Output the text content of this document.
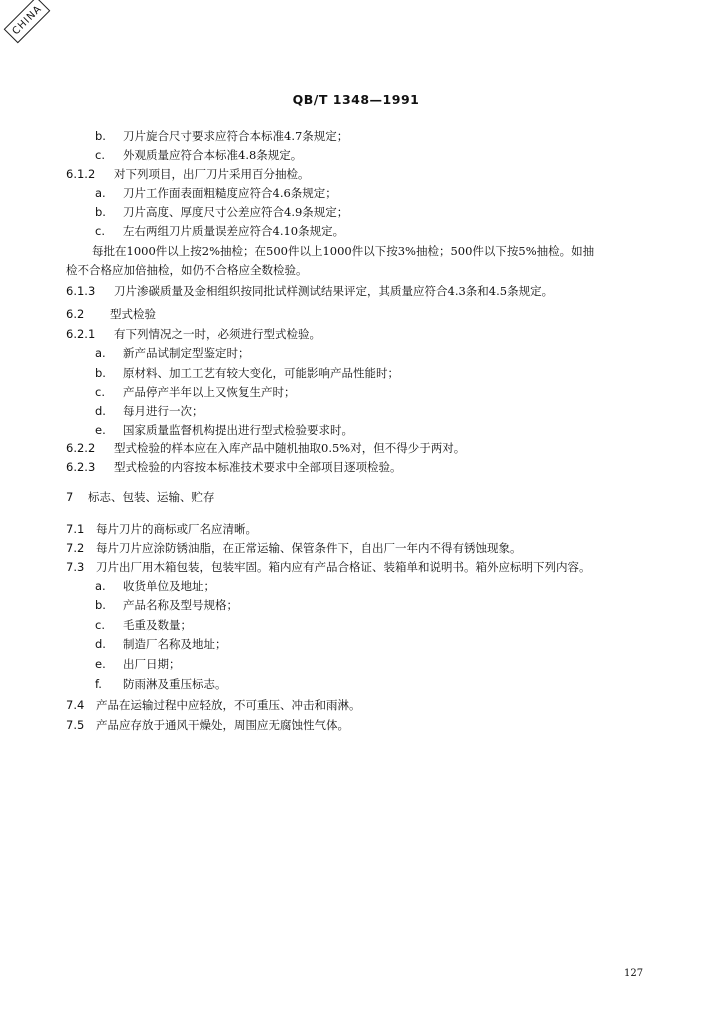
CHINA
QB/T 1348—1991
b. 刀片旋合尺寸要求应符合本标准4.7条规定；
c. 外观质量应符合本标准4.8条规定。
6.1.2 对下列项目，出厂刀片采用百分抽检。
a. 刀片工作面表面粗糙度应符合4.6条规定；
b. 刀片高度、厚度尺寸公差应符合4.9条规定；
c. 左右两组刀片质量误差应符合4.10条规定。
每批在1000件以上按2%抽检；在500件以上1000件以下按3%抽检；500件以下按5%抽检。如抽
检不合格应加倍抽检，如仍不合格应全数检验。
6.1.3 刀片渗碳质量及金相组织按同批试样测试结果评定，其质量应符合4.3条和4.5条规定。
6.2 型式检验
6.2.1 有下列情况之一时，必须进行型式检验。
a. 新产品试制定型鉴定时；
b. 原材料、加工工艺有较大变化，可能影响产品性能时；
c. 产品停产半年以上又恢复生产时；
d. 每月进行一次；
e. 国家质量监督机构提出进行型式检验要求时。
6.2.2 型式检验的样本应在入库产品中随机抽取0.5%对，但不得少于两对。
6.2.3 型式检验的内容按本标准技术要求中全部项目逐项检验。
7 标志、包装、运输、贮存
7.1 每片刀片的商标或厂名应清晰。
7.2 每片刀片应涂防锈油脂，在正常运输、保管条件下，自出厂一年内不得有锈蚀现象。
7.3 刀片出厂用木箱包装，包装牢固。箱内应有产品合格证、装箱单和说明书。箱外应标明下列内容。
a. 收货单位及地址；
b. 产品名称及型号规格；
c. 毛重及数量；
d. 制造厂名称及地址；
e. 出厂日期；
f. 防雨淋及重压标志。
7.4 产品在运输过程中应轻放，不可重压、冲击和雨淋。
7.5 产品应存放于通风干燥处，周围应无腐蚀性气体。
127
